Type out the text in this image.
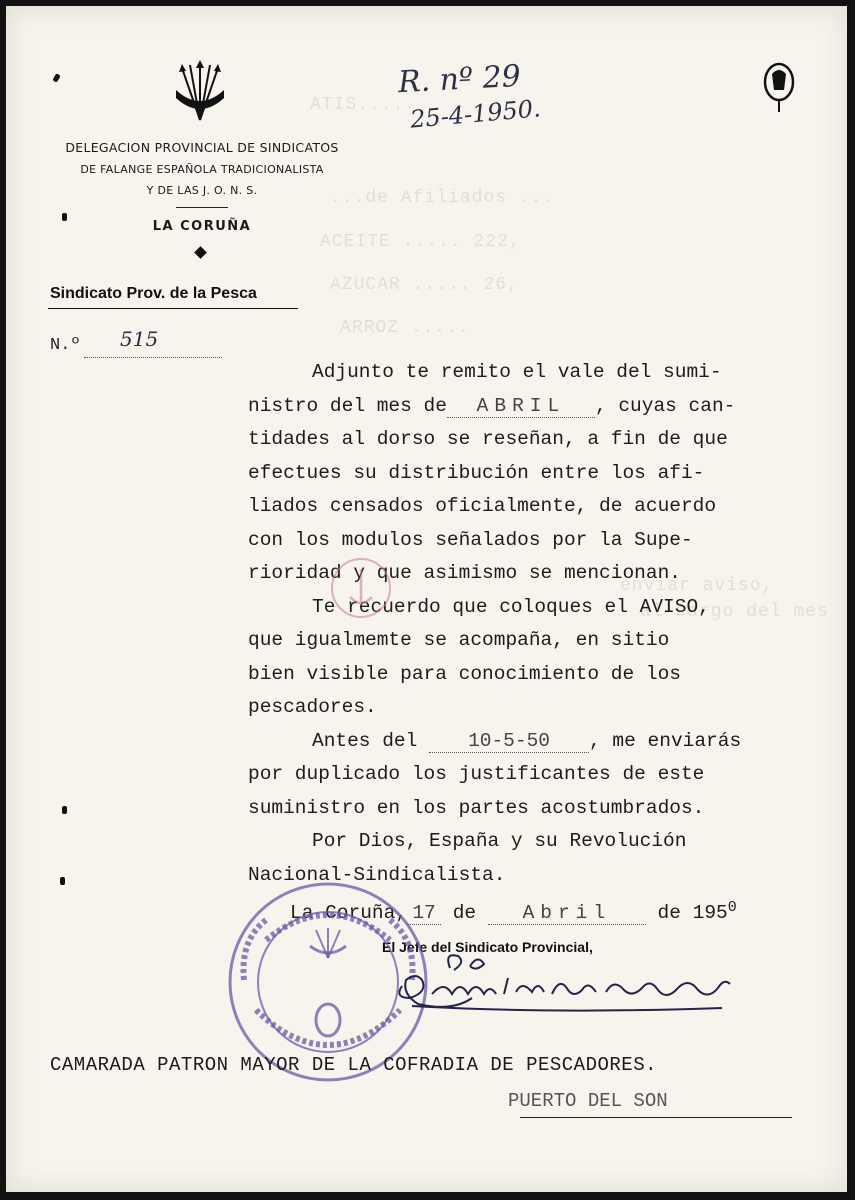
ATIS.....
...de Afiliados ...
ACEITE ..... 222,
AZUCAR ..... 26,
ARROZ .....
enviar aviso,
al cargo del mes
DELEGACION PROVINCIAL DE SINDICATOS
DE FALANGE ESPAÑOLA TRADICIONALISTA
Y DE LAS J. O. N. S.
LA CORUÑA
Sindicato Prov. de la Pesca
N.º 515
R. nº 29
25-4-1950.
Adjunto te remito el vale del sumi-
nistro del mes de ABRIL , cuyas can-
tidades al dorso se reseñan, a fin de que
efectues su distribución entre los afi-
liados censados oficialmente, de acuerdo
con los modulos señalados por la Supe-
rioridad y que asimismo se mencionan.
Te recuerdo que coloques el AVISO,
que igualmemte se acompaña, en sitio
bien visible para conocimiento de los
pescadores.
Antes del	10-5-50 , me enviarás
por duplicado los justificantes de este
suministro en los partes acostumbrados.
Por Dios, España y su Revolución
Nacional-Sindicalista.
La Coruña, 17 de Abril de $195^0$
El Jefe del Sindicato Provincial,
CAMARADA PATRON MAYOR DE LA COFRADIA DE PESCADORES.
PUERTO DEL SON
